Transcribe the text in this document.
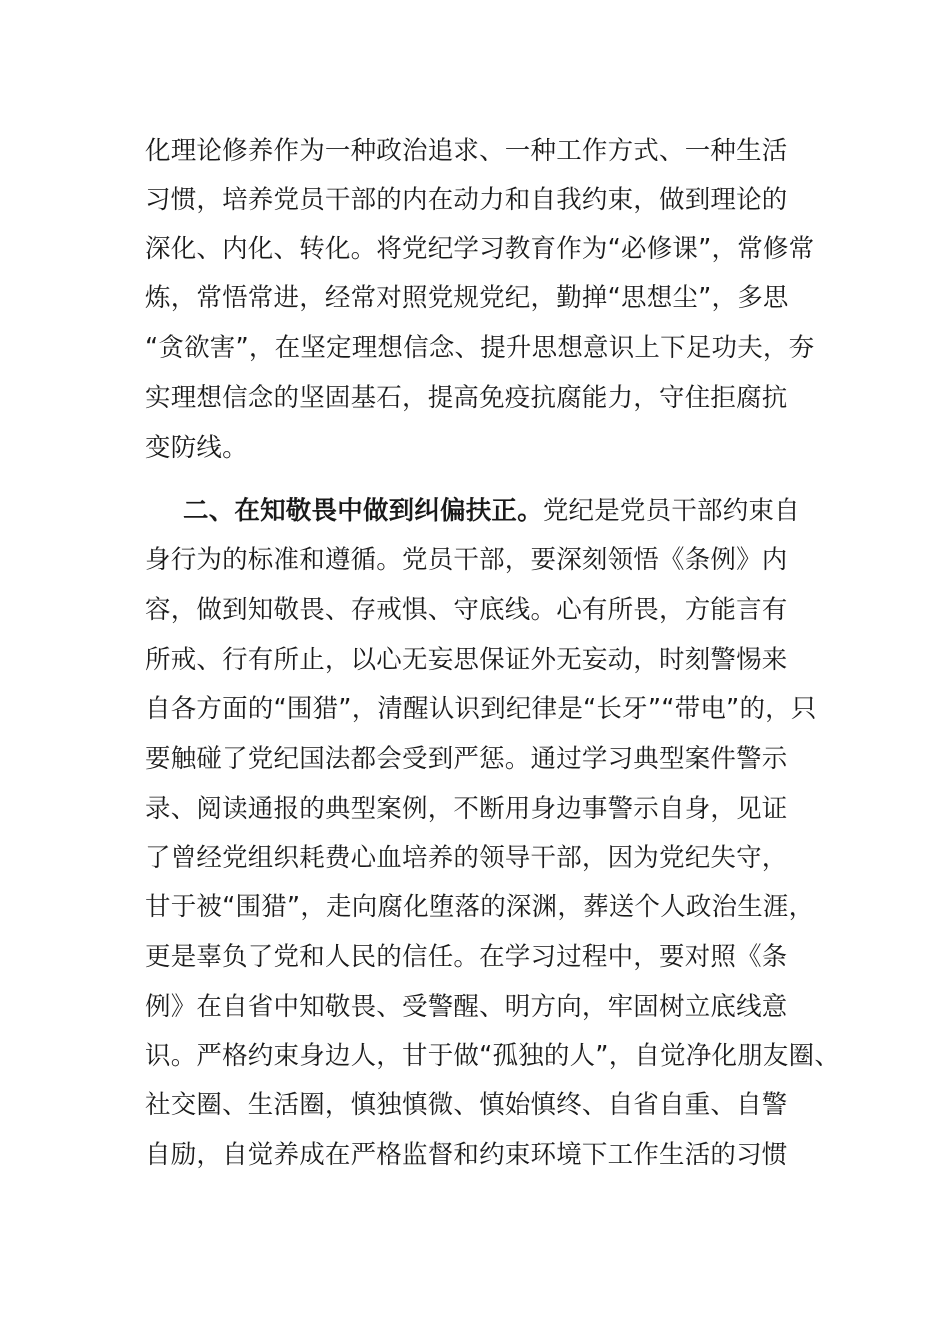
化理论修养作为一种政治追求、一种工作方式、一种生活
习惯，培养党员干部的内在动力和自我约束，做到理论的
深化、内化、转化。将党纪学习教育作为“必修课”，常修常
炼，常悟常进，经常对照党规党纪，勤掸“思想尘”，多思
“贪欲害”，在坚定理想信念、提升思想意识上下足功夫，夯
实理想信念的坚固基石，提高免疫抗腐能力，守住拒腐抗
变防线。
二、在知敬畏中做到纠偏扶正。党纪是党员干部约束自
身行为的标准和遵循。党员干部，要深刻领悟《条例》内
容，做到知敬畏、存戒惧、守底线。心有所畏，方能言有
所戒、行有所止，以心无妄思保证外无妄动，时刻警惕来
自各方面的“围猎”，清醒认识到纪律是“长牙”“带电”的，只
要触碰了党纪国法都会受到严惩。通过学习典型案件警示
录、阅读通报的典型案例，不断用身边事警示自身，见证
了曾经党组织耗费心血培养的领导干部，因为党纪失守，
甘于被“围猎”，走向腐化堕落的深渊，葬送个人政治生涯，
更是辜负了党和人民的信任。在学习过程中，要对照《条
例》在自省中知敬畏、受警醒、明方向，牢固树立底线意
识。严格约束身边人，甘于做“孤独的人”，自觉净化朋友圈、
社交圈、生活圈，慎独慎微、慎始慎终、自省自重、自警
自励，自觉养成在严格监督和约束环境下工作生活的习惯
